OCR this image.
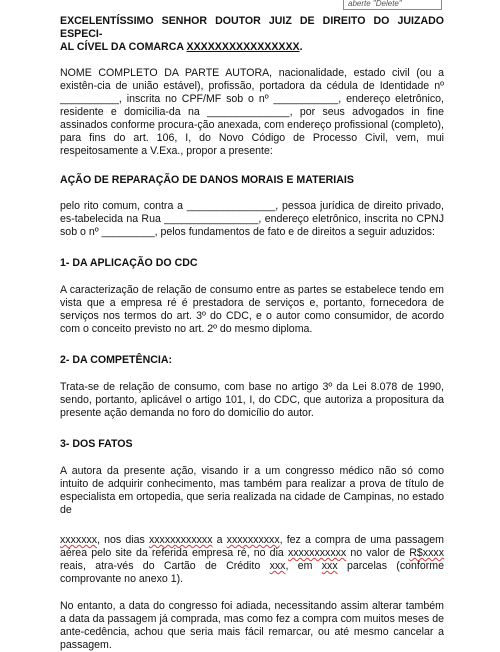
aberte "Delete"

EXCELENTÍSSIMO SENHOR DOUTOR JUIZ DE DIREITO DO JUIZADO ESPECI-
AL CÍVEL DA COMARCA XXXXXXXXXXXXXXXX.

NOME COMPLETO DA PARTE AUTORA, nacionalidade, estado civil (ou a existên-cia de união estável), profissão, portadora da cédula de Identidade nº __________, inscrita no CPF/MF sob o nº ___________, endereço eletrônico, residente e domicilia-da na ______________, por seus advogados in fine assinados conforme procura-ção anexada, com endereço profissional (completo), para fins do art. 106, I, do Novo Código de Processo Civil, vem, mui respeitosamente a V.Exa., propor a presente:

AÇÃO DE REPARAÇÃO DE DANOS MORAIS E MATERIAIS

pelo rito comum, contra a _______________, pessoa jurídica de direito privado, es-tabelecida na Rua ________________, endereço eletrônico, inscrita no CPNJ sob o nº _________, pelos fundamentos de fato e de direitos a seguir aduzidos:

1- DA APLICAÇÃO DO CDC

A caracterização de relação de consumo entre as partes se estabelece tendo em vista que a empresa ré é prestadora de serviços e, portanto, fornecedora de serviços nos termos do art. 3º do CDC, e o autor como consumidor, de acordo com o conceito previsto no art. 2º do mesmo diploma.

2- DA COMPETÊNCIA:

Trata-se de relação de consumo, com base no artigo 3º da Lei 8.078 de 1990, sendo, portanto, aplicável o artigo 101, I, do CDC, que autoriza a propositura da presente ação demanda no foro do domicílio do autor.

3- DOS FATOS

A autora da presente ação, visando ir a um congresso médico não só como intuito de adquirir conhecimento, mas também para realizar a prova de título de especialista em ortopedia, que seria realizada na cidade de Campinas, no estado de

xxxxxxx, nos dias xxxxxxxxxxxx a xxxxxxxxxx, fez a compra de uma passagem aérea pelo site da referida empresa ré, no dia xxxxxxxxxxx no valor de R$xxxx reais, atra-vés do Cartão de Crédito xxx, em xxx parcelas (conforme comprovante no anexo 1).

No entanto, a data do congresso foi adiada, necessitando assim alterar também a data da passagem já comprada, mas como fez a compra com muitos meses de ante-cedência, achou que seria mais fácil remarcar, ou até mesmo cancelar a passagem.
